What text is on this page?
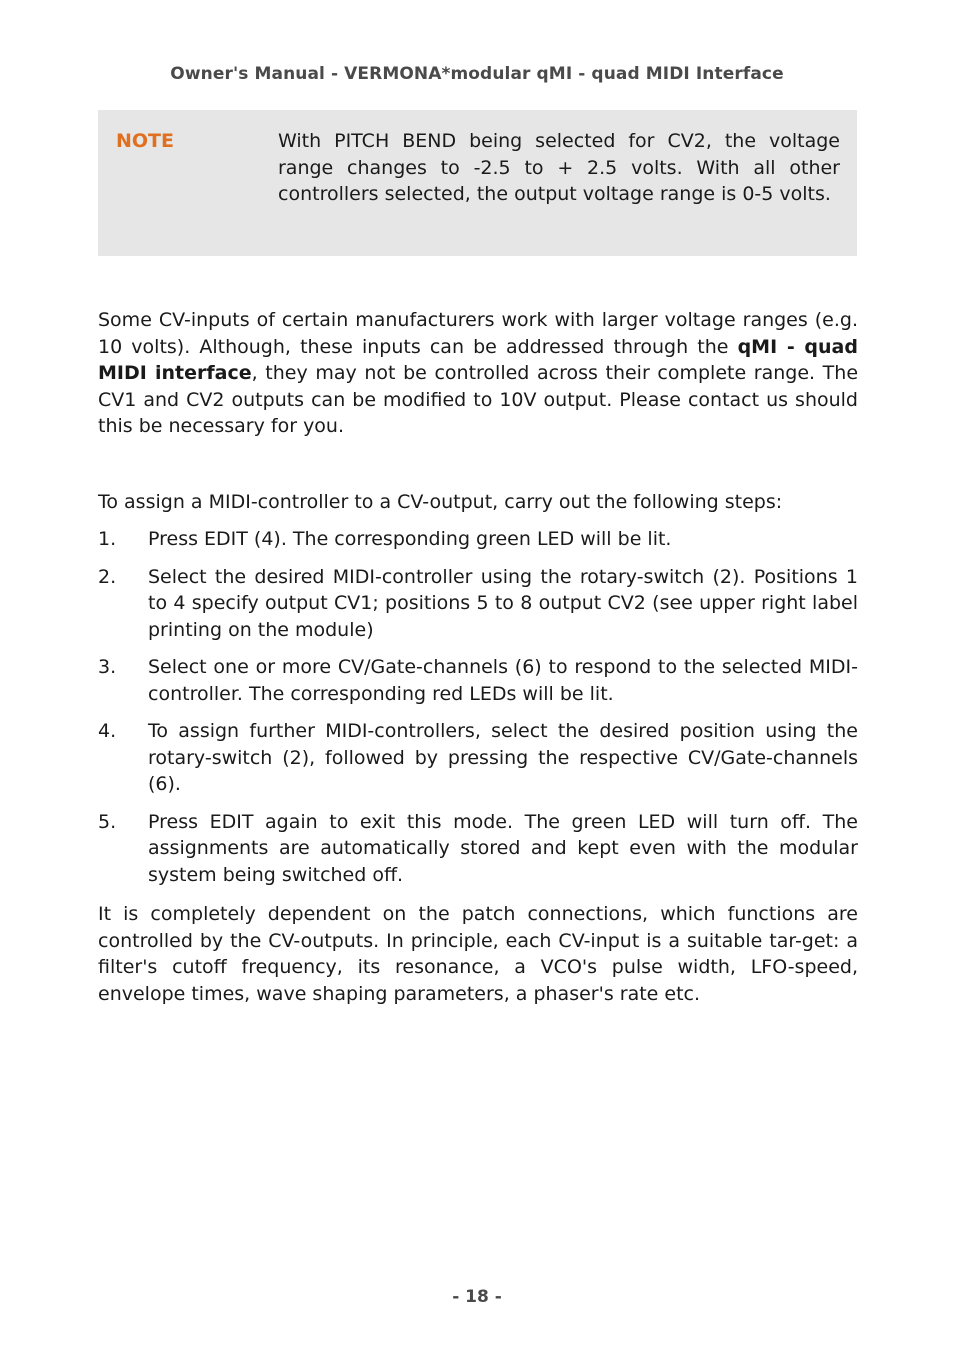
Owner's Manual - VERMONA*modular qMI - quad MIDI Interface
NOTE	With PITCH BEND being selected for CV2, the voltage range changes to -2.5 to + 2.5 volts. With all other controllers selected, the output voltage range is 0-5 volts.
Some CV-inputs of certain manufacturers work with larger voltage ranges (e.g. 10 volts). Although, these inputs can be addressed through the qMI - quad MIDI interface, they may not be controlled across their complete range. The CV1 and CV2 outputs can be modified to 10V output. Please contact us should this be necessary for you.
To assign a MIDI-controller to a CV-output, carry out the following steps:
1. Press EDIT (4). The corresponding green LED will be lit.
2. Select the desired MIDI-controller using the rotary-switch (2). Positions 1 to 4 specify output CV1; positions 5 to 8 output CV2 (see upper right label printing on the module)
3. Select one or more CV/Gate-channels (6) to respond to the selected MIDI-controller. The corresponding red LEDs will be lit.
4. To assign further MIDI-controllers, select the desired position using the rotary-switch (2), followed by pressing the respective CV/Gate-channels (6).
5. Press EDIT again to exit this mode. The green LED will turn off. The assignments are automatically stored and kept even with the modular system being switched off.
It is completely dependent on the patch connections, which functions are controlled by the CV-outputs. In principle, each CV-input is a suitable tar-get: a filter's cutoff frequency, its resonance, a VCO's pulse width, LFO-speed, envelope times, wave shaping parameters, a phaser's rate etc.
- 18 -
